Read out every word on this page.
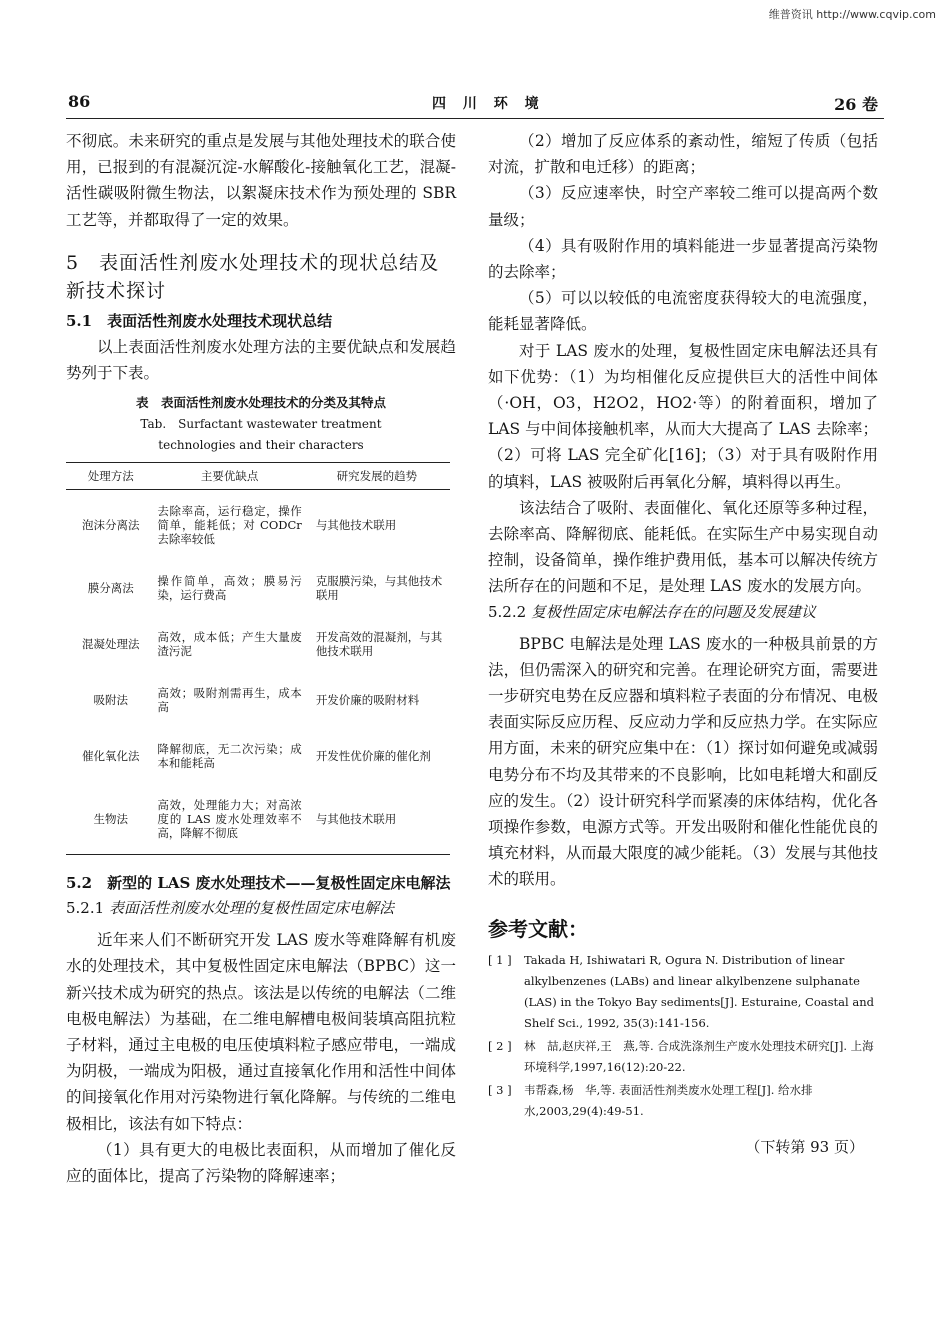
维普资讯 http://www.cqvip.com
86	四 川 环 境	26 卷

不彻底。未来研究的重点是发展与其他处理技术的联合使用，已报到的有混凝沉淀-水解酸化-接触氧化工艺，混凝-活性碳吸附微生物法，以絮凝床技术作为预处理的 SBR 工艺等，并都取得了一定的效果。

5　表面活性剂废水处理技术的现状总结及新技术探讨
5.1　表面活性剂废水处理技术现状总结

以上表面活性剂废水处理方法的主要优缺点和发展趋势列于下表。

表　表面活性剂废水处理技术的分类及其特点
Tab.　Surfactant wastewater treatment
technologies and their characters
处理方法	主要优缺点	研究发展的趋势
泡沫分离法	去除率高，运行稳定，操作简单，能耗低；对 CODCr 去除率较低	与其他技术联用
膜分离法	操作简单，高效；膜易污染，运行费高	克服膜污染，与其他技术联用
混凝处理法	高效，成本低；产生大量废渣污泥	开发高效的混凝剂，与其他技术联用
吸附法	高效；吸附剂需再生，成本高	开发价廉的吸附材料
催化氧化法	降解彻底，无二次污染；成本和能耗高	开发性优价廉的催化剂
生物法	高效，处理能力大；对高浓度的 LAS 废水处理效率不高，降解不彻底	与其他技术联用
5.2　新型的 LAS 废水处理技术——复极性固定床电解法
5.2.1 表面活性剂废水处理的复极性固定床电解法

近年来人们不断研究开发 LAS 废水等难降解有机废水的处理技术，其中复极性固定床电解法（BPBC）这一新兴技术成为研究的热点。该法是以传统的电解法（二维电极电解法）为基础，在二维电解槽电极间装填高阻抗粒子材料，通过主电极的电压使填料粒子感应带电，一端成为阴极，一端成为阳极，通过直接氧化作用和活性中间体的间接氧化作用对污染物进行氧化降解。与传统的二维电极相比，该法有如下特点：

（1）具有更大的电极比表面积，从而增加了催化反应的面体比，提高了污染物的降解速率；

（2）增加了反应体系的紊动性，缩短了传质（包括对流，扩散和电迁移）的距离；

（3）反应速率快，时空产率较二维可以提高两个数量级；

（4）具有吸附作用的填料能进一步显著提高污染物的去除率；

（5）可以以较低的电流密度获得较大的电流强度，能耗显著降低。

对于 LAS 废水的处理，复极性固定床电解法还具有如下优势：（1）为均相催化反应提供巨大的活性中间体（·OH，O3，H2O2，HO2·等）的附着面积，增加了 LAS 与中间体接触机率，从而大大提高了 LAS 去除率；（2）可将 LAS 完全矿化[16]；（3）对于具有吸附作用的填料，LAS 被吸附后再氧化分解，填料得以再生。

该法结合了吸附、表面催化、氧化还原等多种过程，去除率高、降解彻底、能耗低。在实际生产中易实现自动控制，设备简单，操作维护费用低，基本可以解决传统方法所存在的问题和不足，是处理 LAS 废水的发展方向。

5.2.2 复极性固定床电解法存在的问题及发展建议

BPBC 电解法是处理 LAS 废水的一种极具前景的方法，但仍需深入的研究和完善。在理论研究方面，需要进一步研究电势在反应器和填料粒子表面的分布情况、电极表面实际反应历程、反应动力学和反应热力学。在实际应用方面，未来的研究应集中在：（1）探讨如何避免或减弱电势分布不均及其带来的不良影响，比如电耗增大和副反应的发生。（2）设计研究科学而紧凑的床体结构，优化各项操作参数，电源方式等。开发出吸附和催化性能优良的填充材料，从而最大限度的减少能耗。（3）发展与其他技术的联用。

参考文献：
[ 1 ]	Takada H, Ishiwatari R, Ogura N. Distribution of linear alkylbenzenes (LABs) and linear alkylbenzene sulphanate (LAS) in the Tokyo Bay sediments[J]. Esturaine, Coastal and Shelf Sci., 1992, 35(3):141-156.
[ 2 ]	林　喆,赵庆祥,王　燕,等. 合成洗涤剂生产废水处理技术研究[J]. 上海环境科学,1997,16(12):20-22.
[ 3 ]	韦帮森,杨　华,等. 表面活性剂类废水处理工程[J]. 给水排水,2003,29(4):49-51.
（下转第 93 页）
